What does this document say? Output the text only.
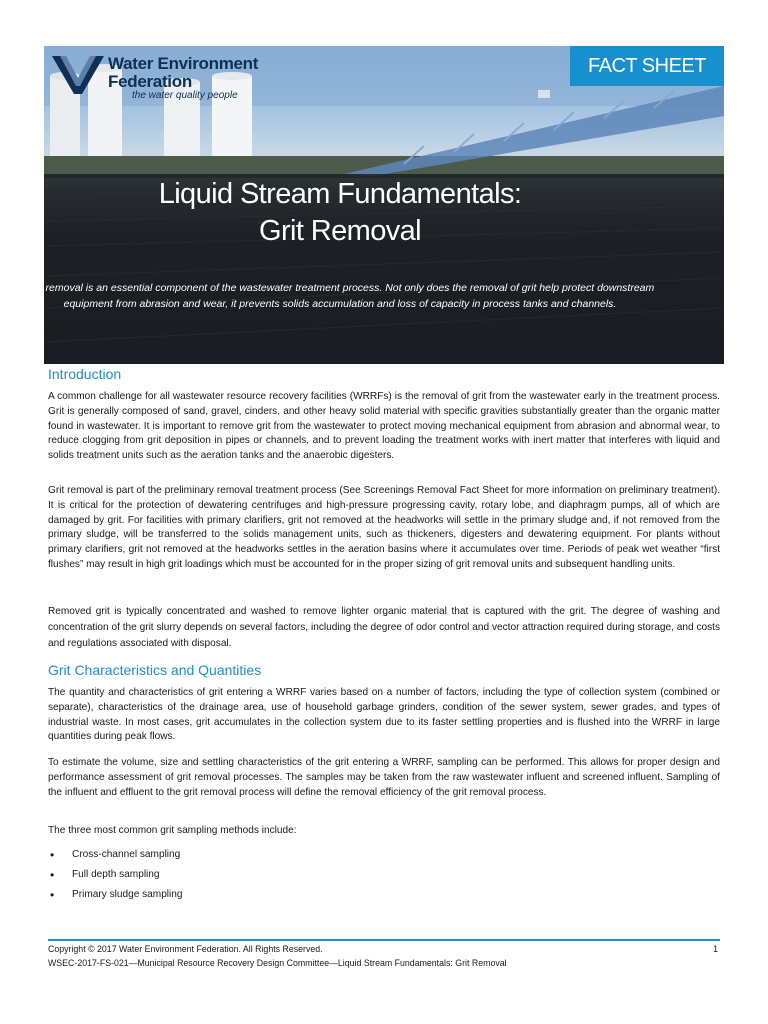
Water Environment
Federation
the water quality people
FACT SHEET
Liquid Stream Fundamentals:
Grit Removal
Grit removal is an essential component of the wastewater treatment process. Not only does the removal of grit help protect downstream equipment from abrasion and wear, it prevents solids accumulation and loss of capacity in process tanks and channels.
Introduction

A common challenge for all wastewater resource recovery facilities (WRRFs) is the removal of grit from the wastewater early in the treatment process. Grit is generally composed of sand, gravel, cinders, and other heavy solid material with specific gravities substantially greater than the organic matter found in wastewater. It is important to remove grit from the wastewater to protect moving mechanical equipment from abrasion and abnormal wear, to reduce clogging from grit deposition in pipes or channels, and to prevent loading the treatment works with inert matter that interferes with liquid and solids treatment units such as the aeration tanks and the anaerobic digesters.

Grit removal is part of the preliminary removal treatment process (See Screenings Removal Fact Sheet for more information on preliminary treatment). It is critical for the protection of dewatering centrifuges and high-pressure progressing cavity, rotary lobe, and diaphragm pumps, all of which are damaged by grit. For facilities with primary clarifiers, grit not removed at the headworks will settle in the primary sludge and, if not removed from the primary sludge, will be transferred to the solids management units, such as thickeners, digesters and dewatering equipment. For plants without primary clarifiers, grit not removed at the headworks settles in the aeration basins where it accumulates over time. Periods of peak wet weather “first flushes” may result in high grit loadings which must be accounted for in the proper sizing of grit removal units and subsequent handling units.

Removed grit is typically concentrated and washed to remove lighter organic material that is captured with the grit. The degree of washing and concentration of the grit slurry depends on several factors, including the degree of odor control and vector attraction required during storage, and costs and regulations associated with disposal.

Grit Characteristics and Quantities

The quantity and characteristics of grit entering a WRRF varies based on a number of factors, including the type of collection system (combined or separate), characteristics of the drainage area, use of household garbage grinders, condition of the sewer system, sewer grades, and types of industrial waste. In most cases, grit accumulates in the collection system due to its faster settling properties and is flushed into the WRRF in large quantities during peak flows.

To estimate the volume, size and settling characteristics of the grit entering a WRRF, sampling can be performed. This allows for proper design and performance assessment of grit removal processes. The samples may be taken from the raw wastewater influent and screened influent. Sampling of the influent and effluent to the grit removal process will define the removal efficiency of the grit removal process.

The three most common grit sampling methods include:

• Cross-channel sampling
• Full depth sampling
• Primary sludge sampling
Copyright © 2017 Water Environment Federation. All Rights Reserved.
WSEC-2017-FS-021—Municipal Resource Recovery Design Committee—Liquid Stream Fundamentals: Grit Removal
1
